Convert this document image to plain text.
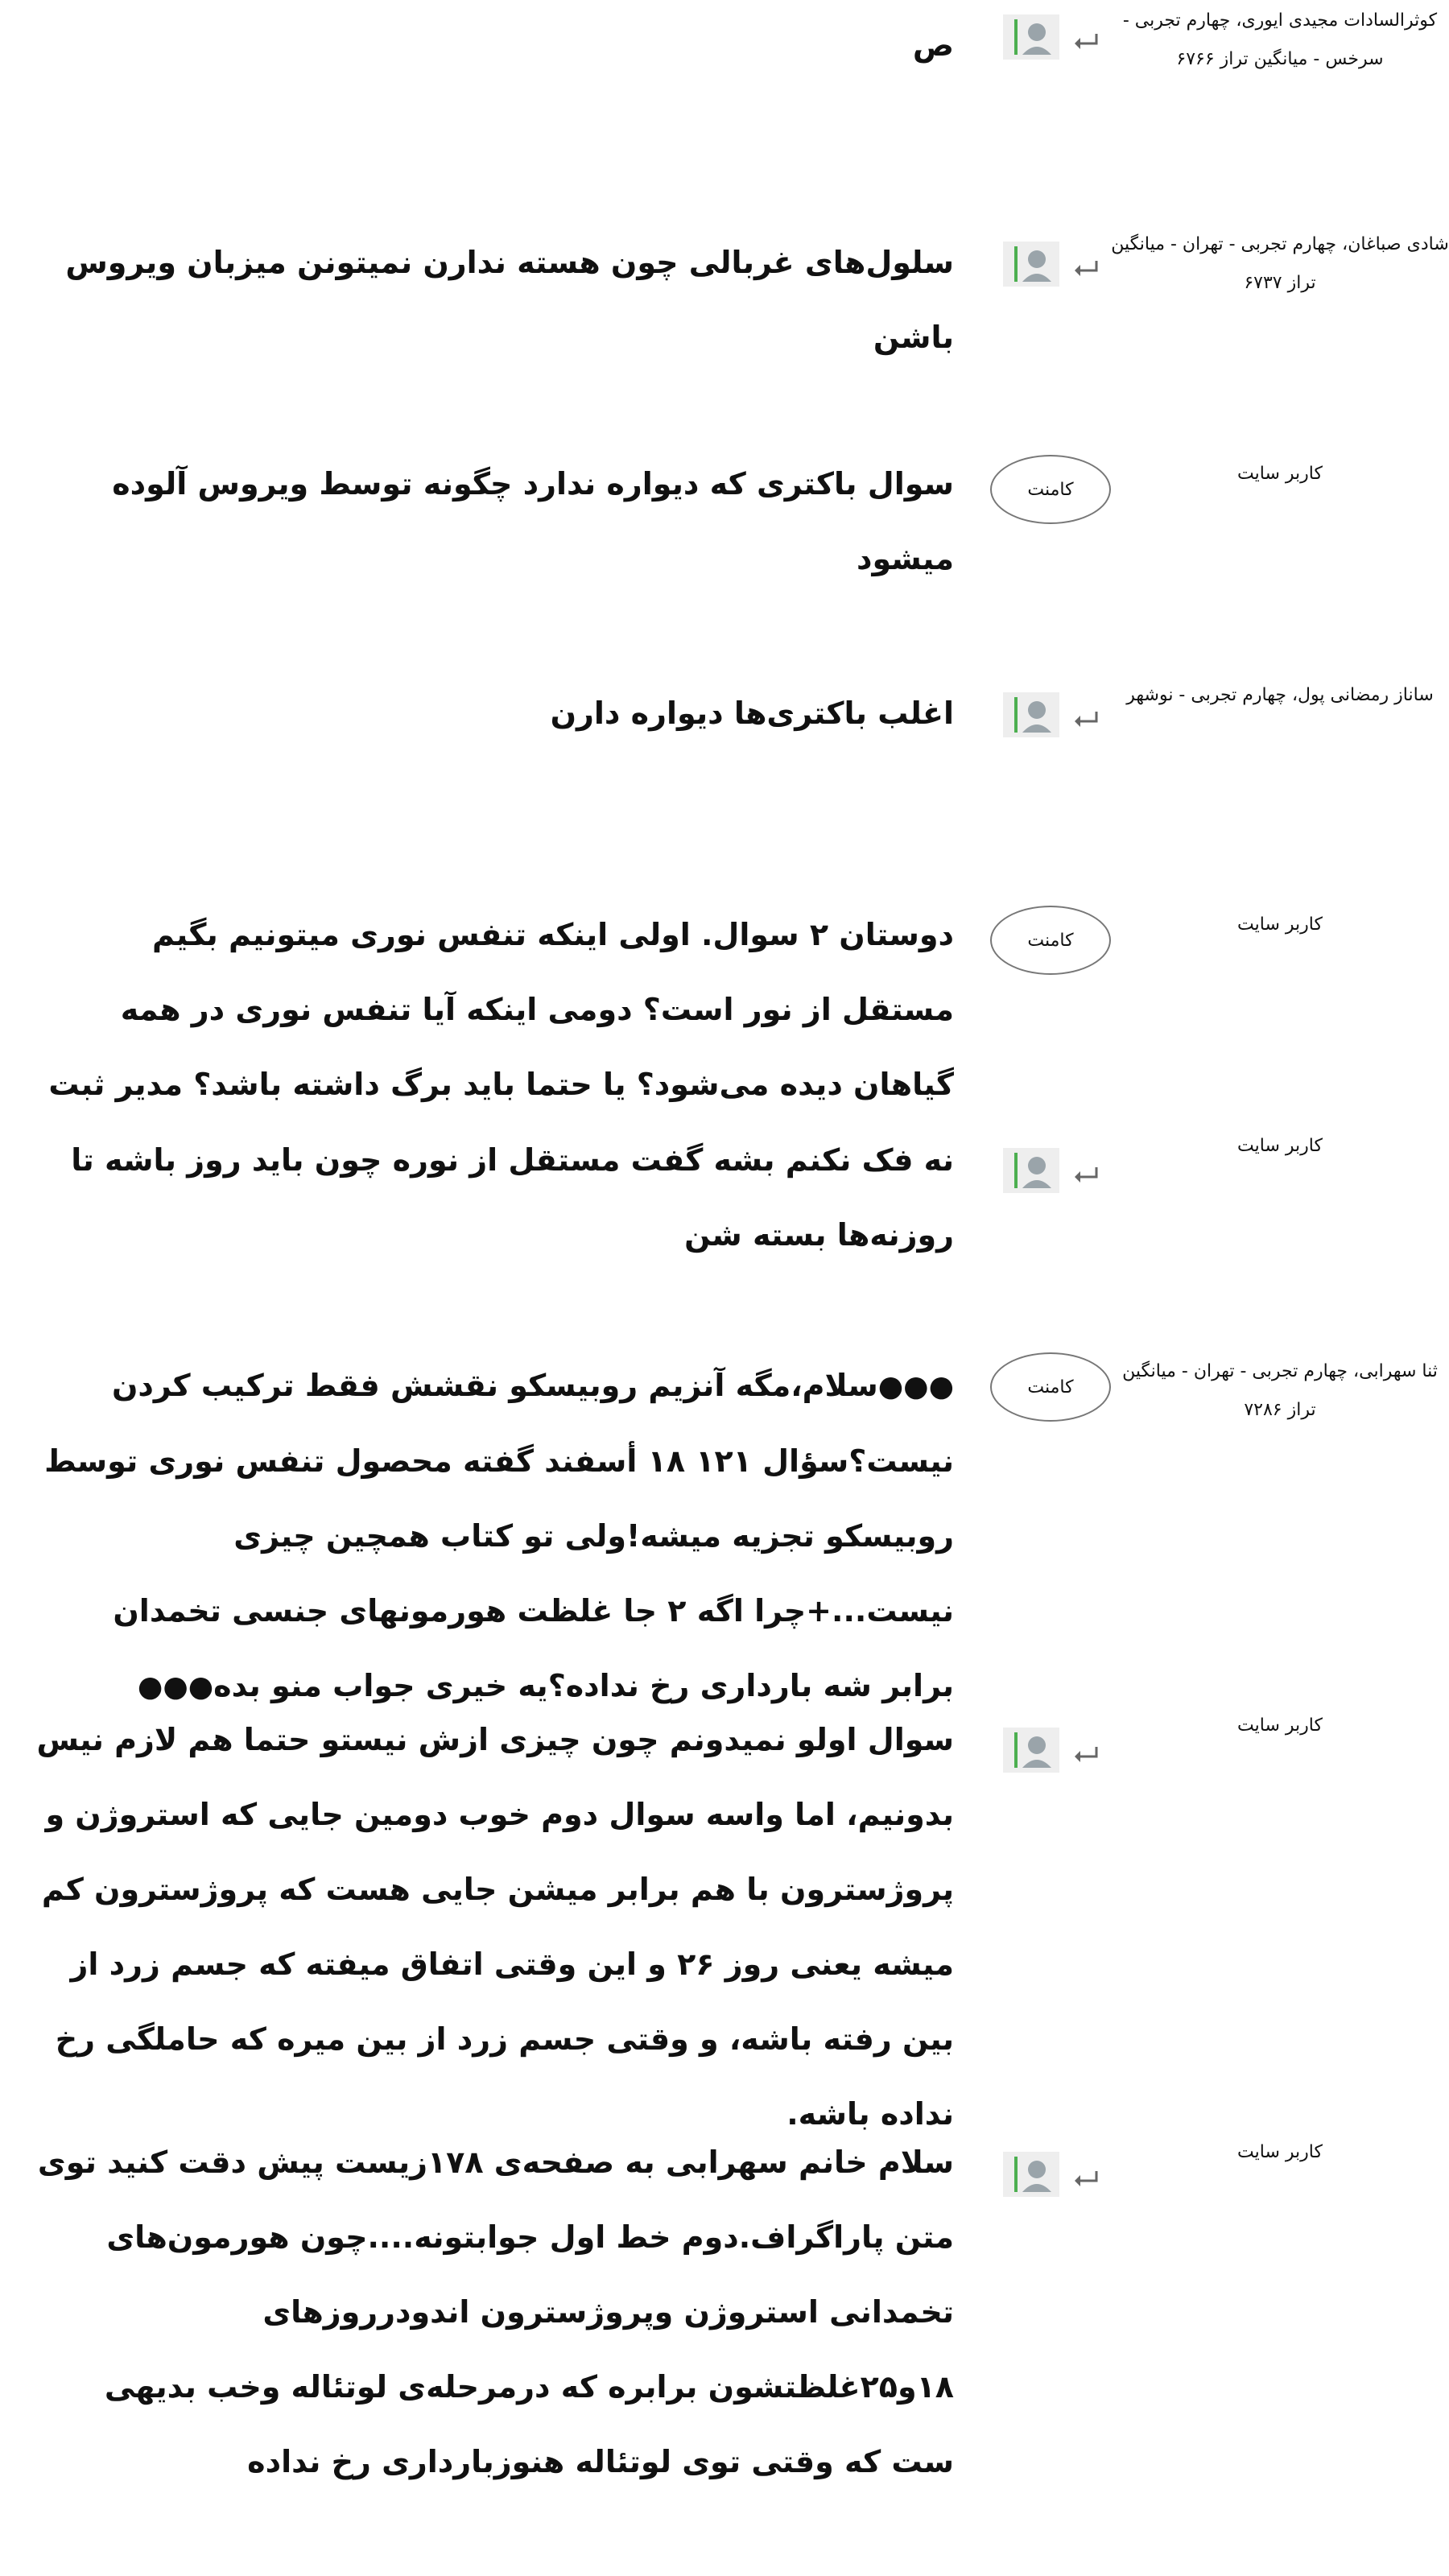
کوثرالسادات مجیدی ایوری، چهارم تجربی - سرخس - میانگین تراز ۶۷۶۶
ص
شادی صباغان، چهارم تجربی - تهران - میانگین تراز ۶۷۳۷
سلول‌های غربالی چون هسته ندارن نمیتونن میزبان ویروس باشن
کاربر سایت
کامنت
سوال باکتری که دیواره ندارد چگونه توسط ویروس آلوده میشود
ساناز رمضانی پول، چهارم تجربی - نوشهر
اغلب باکتری‌ها دیواره دارن
کاربر سایت
کامنت
دوستان ۲ سوال. اولی اینکه تنفس نوری میتونیم بگیم مستقل از نور است؟ دومی اینکه آیا تنفس نوری در همه گیاهان دیده می‌شود؟ یا حتما باید برگ داشته باشد؟ مدیر ثبت
کاربر سایت
نه فک نکنم بشه گفت مستقل از نوره چون باید روز باشه تا روزنه‌ها بسته شن
ثنا سهرابی، چهارم تجربی - تهران - میانگین تراز ۷۲۸۶
کامنت
●●●سلام،مگه آنزیم روبیسکو نقشش فقط ترکیب کردن نیست؟سؤال ۱۲۱ ۱۸ أسفند گفته محصول تنفس نوری توسط روبیسکو تجزیه میشه!ولی تو کتاب همچین چیزی نیست...+چرا اگه ۲ جا غلظت هورمونهای جنسی تخمدان برابر شه بارداری رخ نداده؟یه خیری جواب منو بده●●●
کاربر سایت
سوال اولو نمیدونم چون چیزی ازش نیستو حتما هم لازم نیس بدونیم، اما واسه سوال دوم خوب دومین جایی که استروژن و پروژسترون با هم برابر میشن جایی هست که پروژسترون کم میشه یعنی روز ۲۶ و این وقتی اتفاق میفته که جسم زرد از بین رفته باشه، و وقتی جسم زرد از بین میره که حاملگی رخ نداده باشه.
کاربر سایت
سلام خانم سهرابی به صفحه‌ی ۱۷۸زیست پیش دقت کنید توی متن پاراگراف.دوم خط اول جوابتونه....چون هورمون‌های تخمدانی استروژن وپروژسترون اندودرروزهای ۱۸و۲۵غلظتشون برابره که درمرحله‌ی لوتئاله وخب بدیهی ست که وقتی توی لوتئاله هنوزبارداری رخ نداده
